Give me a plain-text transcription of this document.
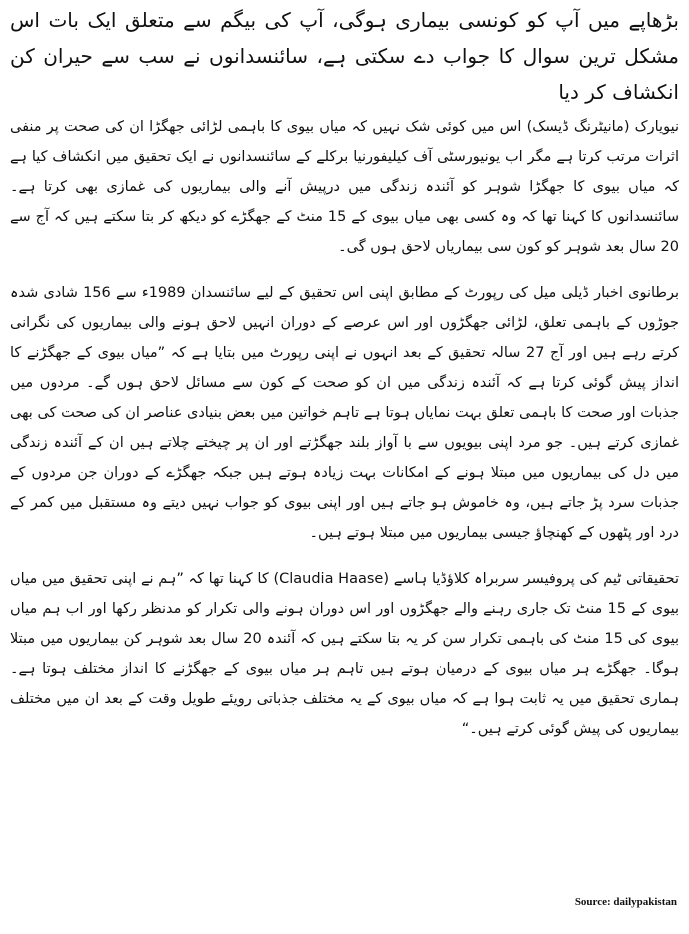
بڑھاپے میں آپ کو کونسی بیماری ہوگی، آپ کی بیگم سے متعلق ایک بات اس مشکل ترین سوال کا جواب دے سکتی ہے، سائنسدانوں نے سب سے حیران کن انکشاف کر دیا

نیویارک (مانیٹرنگ ڈیسک) اس میں کوئی شک نہیں کہ میاں بیوی کا باہمی لڑائی جھگڑا ان کی صحت پر منفی اثرات مرتب کرتا ہے مگر اب یونیورسٹی آف کیلیفورنیا برکلے کے سائنسدانوں نے ایک تحقیق میں انکشاف کیا ہے کہ میاں بیوی کا جھگڑا شوہر کو آئندہ زندگی میں درپیش آنے والی بیماریوں کی غمازی بھی کرتا ہے۔ سائنسدانوں کا کہنا تھا کہ وہ کسی بھی میاں بیوی کے 15 منٹ کے جھگڑے کو دیکھ کر بتا سکتے ہیں کہ آج سے 20 سال بعد شوہر کو کون سی بیماریاں لاحق ہوں گی۔

برطانوی اخبار ڈیلی میل کی رپورٹ کے مطابق اپنی اس تحقیق کے لیے سائنسدان 1989ء سے 156 شادی شدہ جوڑوں کے باہمی تعلق، لڑائی جھگڑوں اور اس عرصے کے دوران انہیں لاحق ہونے والی بیماریوں کی نگرانی کرتے رہے ہیں اور آج 27 سالہ تحقیق کے بعد انہوں نے اپنی رپورٹ میں بتایا ہے کہ ”میاں بیوی کے جھگڑنے کا انداز پیش گوئی کرتا ہے کہ آئندہ زندگی میں ان کو صحت کے کون سے مسائل لاحق ہوں گے۔ مردوں میں جذبات اور صحت کا باہمی تعلق بہت نمایاں ہوتا ہے تاہم خواتین میں بعض بنیادی عناصر ان کی صحت کی بھی غمازی کرتے ہیں۔ جو مرد اپنی بیویوں سے با آواز بلند جھگڑتے اور ان پر چیختے چلاتے ہیں ان کے آئندہ زندگی میں دل کی بیماریوں میں مبتلا ہونے کے امکانات بہت زیادہ ہوتے ہیں جبکہ جھگڑے کے دوران جن مردوں کے جذبات سرد پڑ جاتے ہیں، وہ خاموش ہو جاتے ہیں اور اپنی بیوی کو جواب نہیں دیتے وہ مستقبل میں کمر کے درد اور پٹھوں کے کھنچاؤ جیسی بیماریوں میں مبتلا ہوتے ہیں۔

تحقیقاتی ٹیم کی پروفیسر سربراہ کلاؤڈیا ہاسے (Claudia Haase) کا کہنا تھا کہ ”ہم نے اپنی تحقیق میں میاں بیوی کے 15 منٹ تک جاری رہنے والے جھگڑوں اور اس دوران ہونے والی تکرار کو مدنظر رکھا اور اب ہم میاں بیوی کی 15 منٹ کی باہمی تکرار سن کر یہ بتا سکتے ہیں کہ آئندہ 20 سال بعد شوہر کن بیماریوں میں مبتلا ہوگا۔ جھگڑے ہر میاں بیوی کے درمیان ہوتے ہیں تاہم ہر میاں بیوی کے جھگڑنے کا انداز مختلف ہوتا ہے۔ ہماری تحقیق میں یہ ثابت ہوا ہے کہ میاں بیوی کے یہ مختلف جذباتی رویئے طویل وقت کے بعد ان میں مختلف بیماریوں کی پیش گوئی کرتے ہیں۔“

Source: dailypakistan
